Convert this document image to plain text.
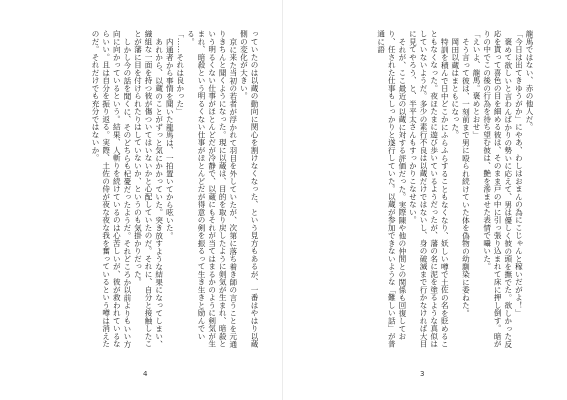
っていたのは以蔵の動向に関心を割けなくなった、という見方もあるが、一番はやはり以蔵側の変化が大きい。

京に来た当初の若者が浮かれて羽目を外していたが、次第に落ち着き師の言うことを元通りきちんと聞くようになった。現に以蔵は、目的を取り戻したように剣気が生まれ、暗殺という明るくない仕事がほとんどだが冷静で、以蔵にもそれが当てはまるかのように剣気が生まれ、暗殺という明るくない仕事がほとんどだが得意の剣を振るって生き生きと励んでいる。

「……それは良かった」

内通者から事情を聞いた龍馬は、一拍置いてから呟いた。

あれから、以蔵のことがずっと気にかかっていた。突き放すような結果になってしまい、織組な一面を持つ彼が傷ついてはいないかと心配していたのだ。それに、自分と接触したことが藩に目を付けられたりはしていないか、というのも気掛かりだった。

しかし今の話を聞くに、そのどちらも杞憂だったようだ。それどころか以前よりもいい方向に向かっているという。結果、人斬りを続けているのは心苦しいが、彼が救われているならいい。且は自分を振り返る。実際、土佐の侍が夜な夜な我を奮っているという噂は消えたのだ。それだけでも充分ではないか。

4

龍馬ではない、赤の他人だ。

「今日は出てきゆうがか」にやあ、わしはおまんの為にこじゃんと稼いだがよ！」

褒めて欲しいと言わんばかりの勢いに応えて、男は優しく彼の頭を撫でた。欲しかった反応を貰って喜色の目を細める彼は、そのまま戸の中に引っ張り込まれて床に押し倒す。暗がりの中でこの後の行為を待ち望む彼は、艶を滲ませた表情で囁いた。

「えいよ、龍馬。褒めとおせ」

そう言って彼は、一刻前まで男に殴られ続けていた体を偽物の幼馴染に委ねた。

岡田以蔵はまともになった。

特訓を積んで日中どこかにふらふらすることもなくなり、妖しい噂で土佐の名を貶めることもなくなった。夜ほたまに遊び歩いているようだったが、藩の名に泥を塗るような真似はしていないようだ。多少の素行不良は以蔵だけではないし、身の破滅まで行かなければ大目に見てやろう、と、半平太さんもすっかりこなせない。

それが、ここ最近の以蔵に対する評価だった。実際陳や他の仲間との関係も回復しており、任された仕事もしっかりと遂行していた。以蔵が参加できないような「難しい話」が普通に語

3
